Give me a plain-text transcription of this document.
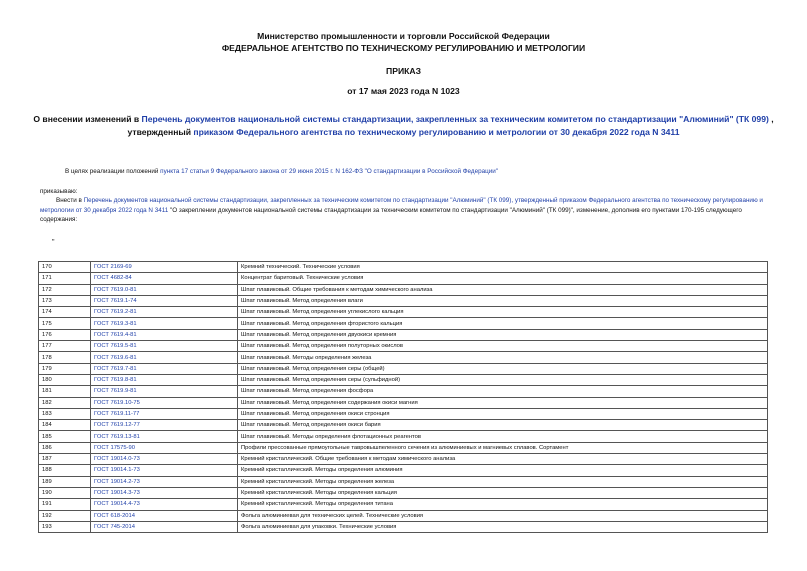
Министерство промышленности и торговли Российской Федерации
ФЕДЕРАЛЬНОЕ АГЕНТСТВО ПО ТЕХНИЧЕСКОМУ РЕГУЛИРОВАНИЮ И МЕТРОЛОГИИ
ПРИКАЗ
от 17 мая 2023 года N 1023
О внесении изменений в Перечень документов национальной системы стандартизации, закрепленных за техническим комитетом по стандартизации "Алюминий" (ТК 099) , утвержденный приказом Федерального агентства по техническому регулированию и метрологии от 30 декабря 2022 года N 3411
В целях реализации положений пункта 17 статьи 9 Федерального закона от 29 июня 2015 г. N 162-ФЗ "О стандартизации в Российской Федерации"
приказываю:
Внести в Перечень документов национальной системы стандартизации, закрепленных за техническим комитетом по стандартизации "Алюминий" (ТК 099), утвержденный приказом Федерального агентства по техническому регулированию и метрологии от 30 декабря 2022 года N 3411 "О закреплении документов национальной системы стандартизации за техническим комитетом по стандартизации "Алюминий" (ТК 099)", изменение, дополнив его пунктами 170-195 следующего содержания:
"
170	ГОСТ 2169-69	Кремний технический. Технические условия
171	ГОСТ 4682-84	Концентрат баритовый. Технические условия
172	ГОСТ 7619.0-81	Шпат плавиковый. Общие требования к методам химического анализа
173	ГОСТ 7619.1-74	Шпат плавиковый. Метод определения влаги
174	ГОСТ 7619.2-81	Шпат плавиковый. Метод определения углекислого кальция
175	ГОСТ 7619.3-81	Шпат плавиковый. Метод определения фтористого кальция
176	ГОСТ 7619.4-81	Шпат плавиковый. Метод определения двуокиси кремния
177	ГОСТ 7619.5-81	Шпат плавиковый. Метод определения полуторных окислов
178	ГОСТ 7619.6-81	Шпат плавиковый. Методы определения железа
179	ГОСТ 7619.7-81	Шпат плавиковый. Метод определения серы (общей)
180	ГОСТ 7619.8-81	Шпат плавиковый. Метод определения серы (сульфидной)
181	ГОСТ 7619.9-81	Шпат плавиковый. Метод определения фосфора
182	ГОСТ 7619.10-75	Шпат плавиковый. Метод определения содержания окиси магния
183	ГОСТ 7619.11-77	Шпат плавиковый. Метод определения окиси стронция
184	ГОСТ 7619.12-77	Шпат плавиковый. Метод определения окиси бария
185	ГОСТ 7619.13-81	Шпат плавиковый. Методы определения флотационных реагентов
186	ГОСТ 17575-90	Профили прессованные прямоугольные тавровышпеленного сечения из алюминиевых и магниевых сплавов. Сортамент
187	ГОСТ 19014.0-73	Кремний кристаллический. Общие требования к методам химического анализа
188	ГОСТ 19014.1-73	Кремний кристаллический. Методы определения алюминия
189	ГОСТ 19014.2-73	Кремний кристаллический. Методы определения железа
190	ГОСТ 19014.3-73	Кремний кристаллический. Методы определения кальция
191	ГОСТ 19014.4-73	Кремний кристаллический. Методы определения титана
192	ГОСТ 618-2014	Фольга алюминиевая для технических целей. Технические условия
193	ГОСТ 745-2014	Фольга алюминиевая для упаковки. Технические условия
